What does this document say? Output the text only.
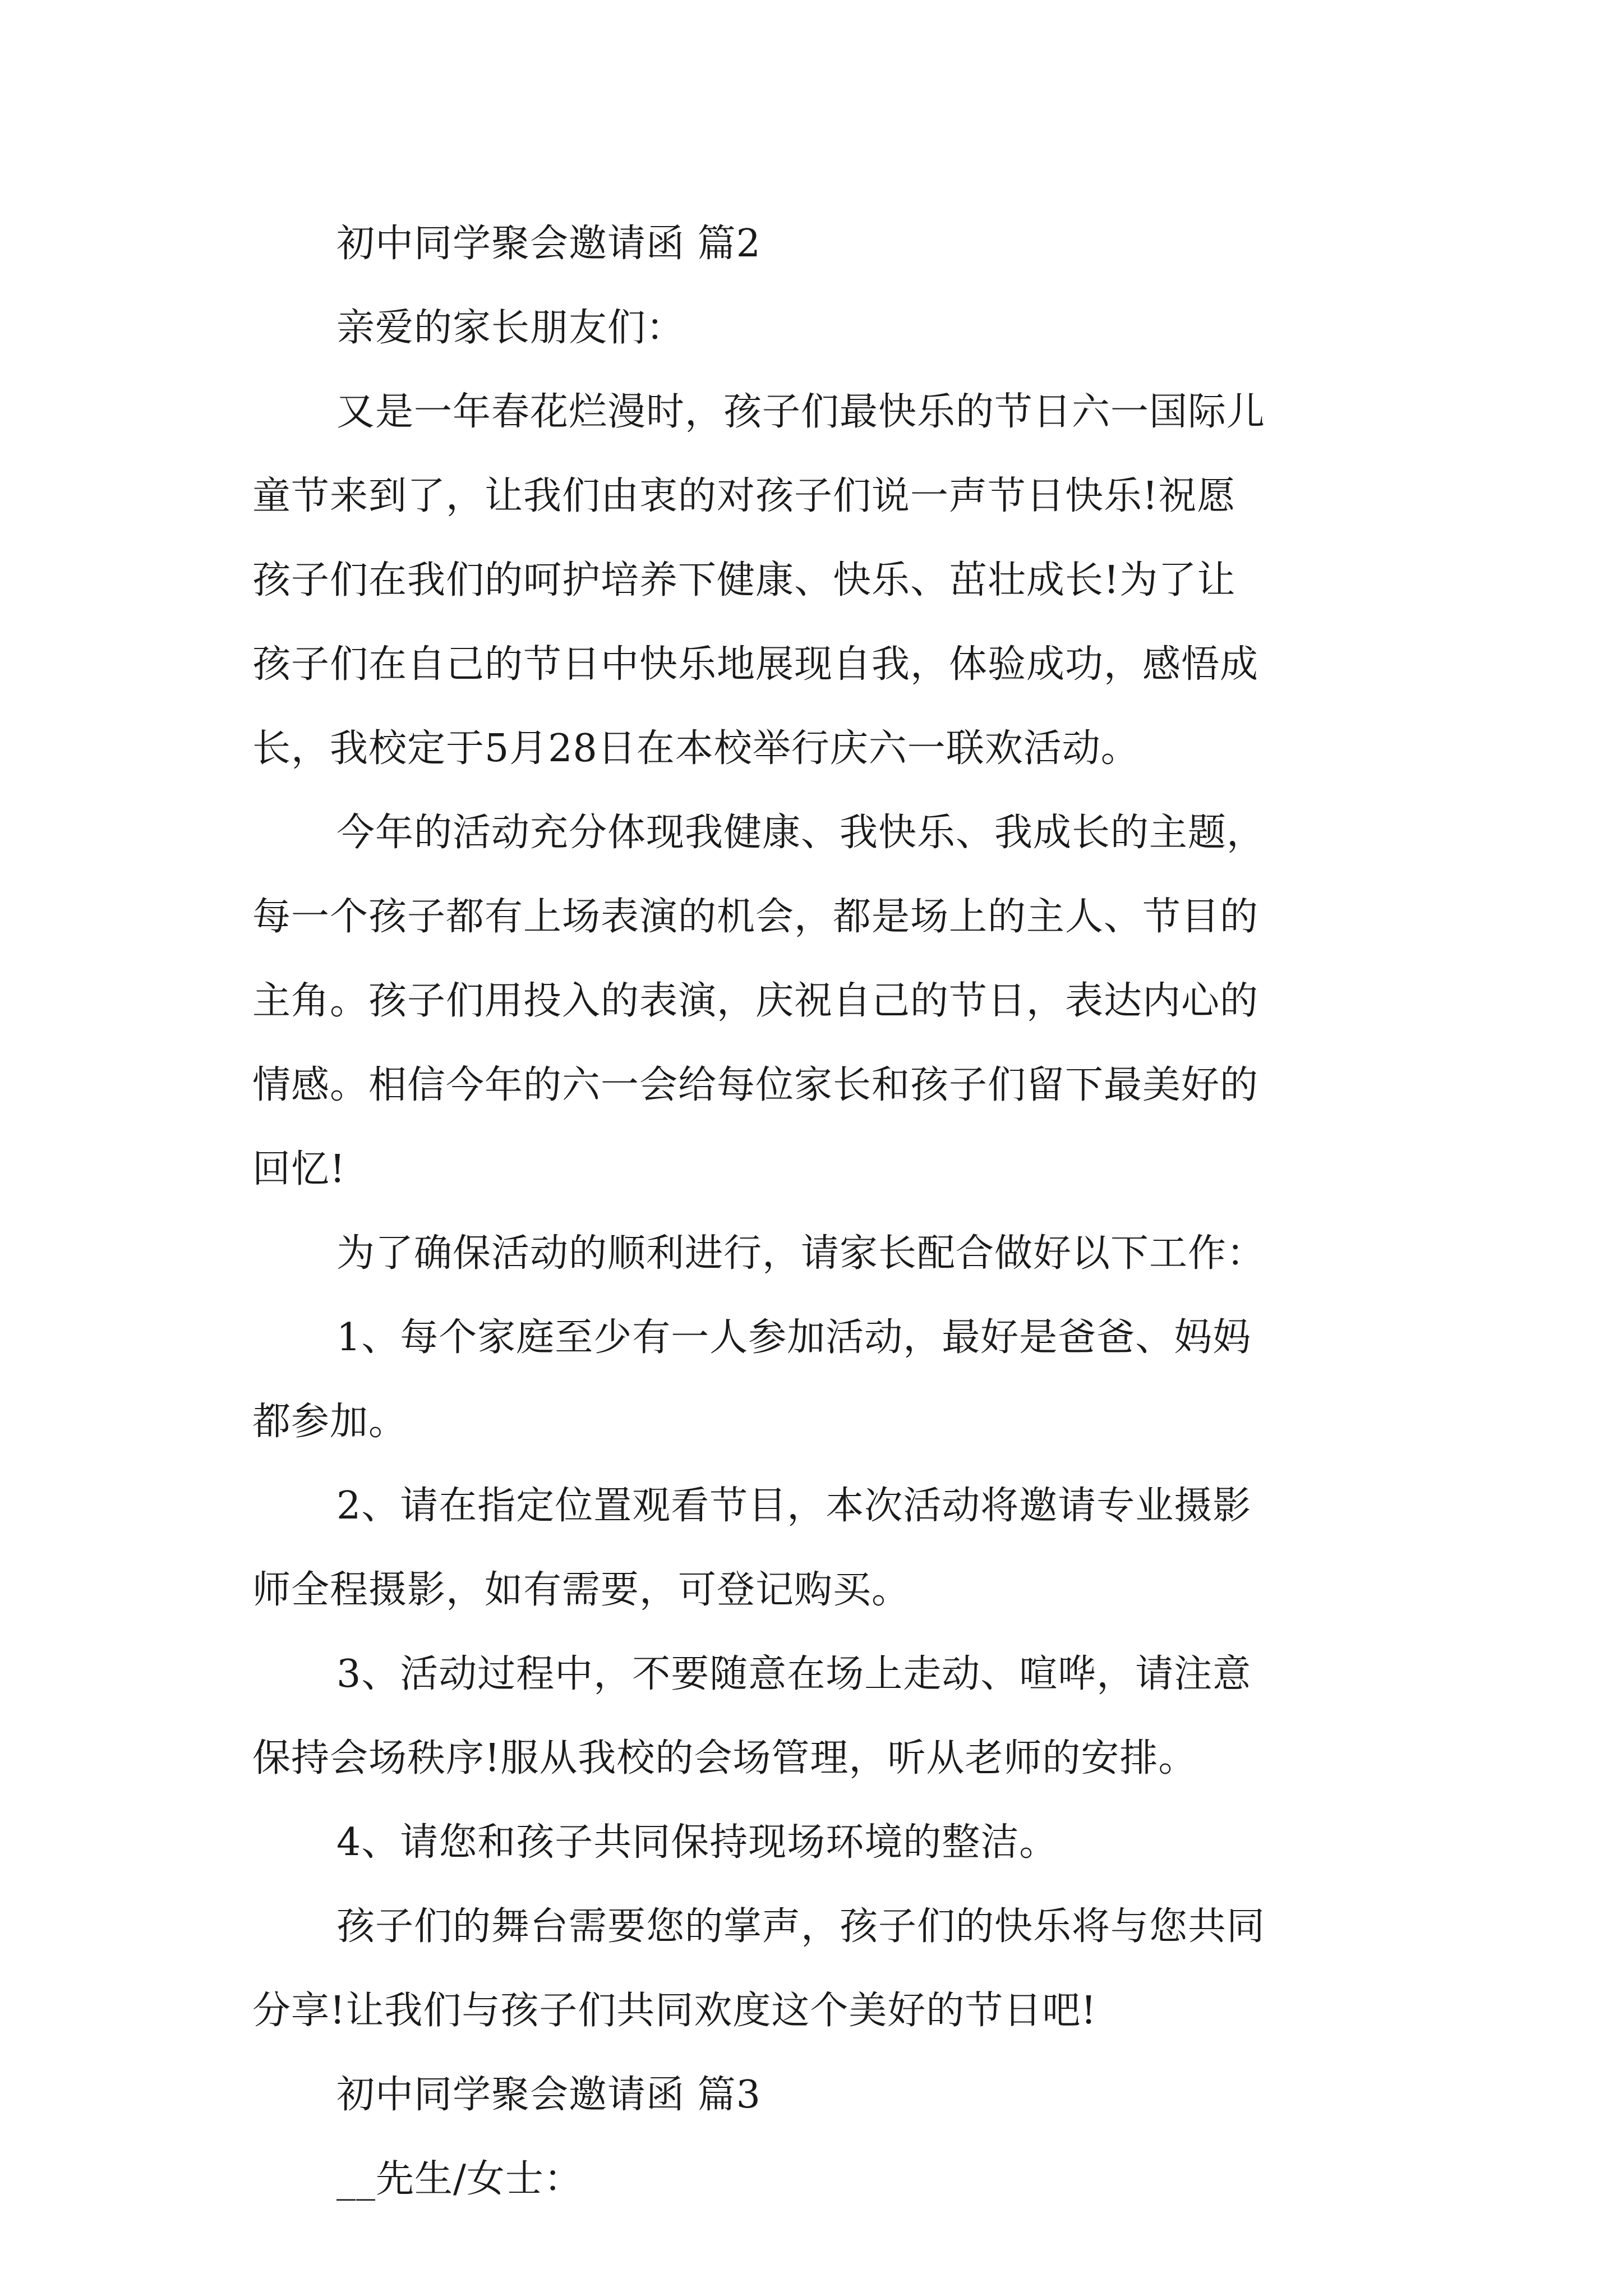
初中同学聚会邀请函 篇2
亲爱的家长朋友们：
又是一年春花烂漫时，孩子们最快乐的节日六一国际儿
童节来到了，让我们由衷的对孩子们说一声节日快乐!祝愿
孩子们在我们的呵护培养下健康、快乐、茁壮成长!为了让
孩子们在自己的节日中快乐地展现自我，体验成功，感悟成
长，我校定于5月28日在本校举行庆六一联欢活动。
今年的活动充分体现我健康、我快乐、我成长的主题，
每一个孩子都有上场表演的机会，都是场上的主人、节目的
主角。孩子们用投入的表演，庆祝自己的节日，表达内心的
情感。相信今年的六一会给每位家长和孩子们留下最美好的
回忆!
为了确保活动的顺利进行，请家长配合做好以下工作：
1、每个家庭至少有一人参加活动，最好是爸爸、妈妈
都参加。
2、请在指定位置观看节目，本次活动将邀请专业摄影
师全程摄影，如有需要，可登记购买。
3、活动过程中，不要随意在场上走动、喧哗，请注意
保持会场秩序!服从我校的会场管理，听从老师的安排。
4、请您和孩子共同保持现场环境的整洁。
孩子们的舞台需要您的掌声，孩子们的快乐将与您共同
分享!让我们与孩子们共同欢度这个美好的节日吧!
初中同学聚会邀请函 篇3
__先生/女士：
